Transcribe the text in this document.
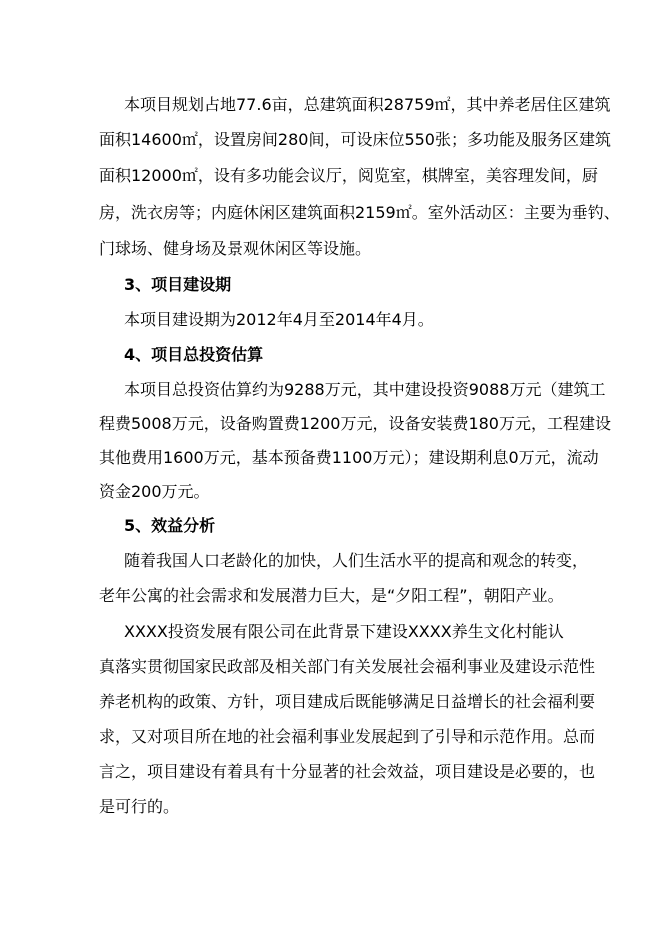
本项目规划占地77.6亩，总建筑面积28759㎡，其中养老居住区建筑
面积14600㎡，设置房间280间，可设床位550张；多功能及服务区建筑
面积12000㎡，设有多功能会议厅，阅览室，棋牌室，美容理发间，厨
房，洗衣房等；内庭休闲区建筑面积2159㎡。室外活动区：主要为垂钓、
门球场、健身场及景观休闲区等设施。
3、项目建设期
本项目建设期为2012年4月至2014年4月。
4、项目总投资估算
本项目总投资估算约为9288万元，其中建设投资9088万元（建筑工
程费5008万元，设备购置费1200万元，设备安装费180万元，工程建设
其他费用1600万元，基本预备费1100万元）；建设期利息0万元，流动
资金200万元。
5、效益分析
随着我国人口老龄化的加快，人们生活水平的提高和观念的转变，
老年公寓的社会需求和发展潜力巨大，是“夕阳工程”，朝阳产业。
XXXX投资发展有限公司在此背景下建设XXXX养生文化村能认
真落实贯彻国家民政部及相关部门有关发展社会福利事业及建设示范性
养老机构的政策、方针，项目建成后既能够满足日益增长的社会福利要
求，又对项目所在地的社会福利事业发展起到了引导和示范作用。总而
言之，项目建设有着具有十分显著的社会效益，项目建设是必要的，也
是可行的。
